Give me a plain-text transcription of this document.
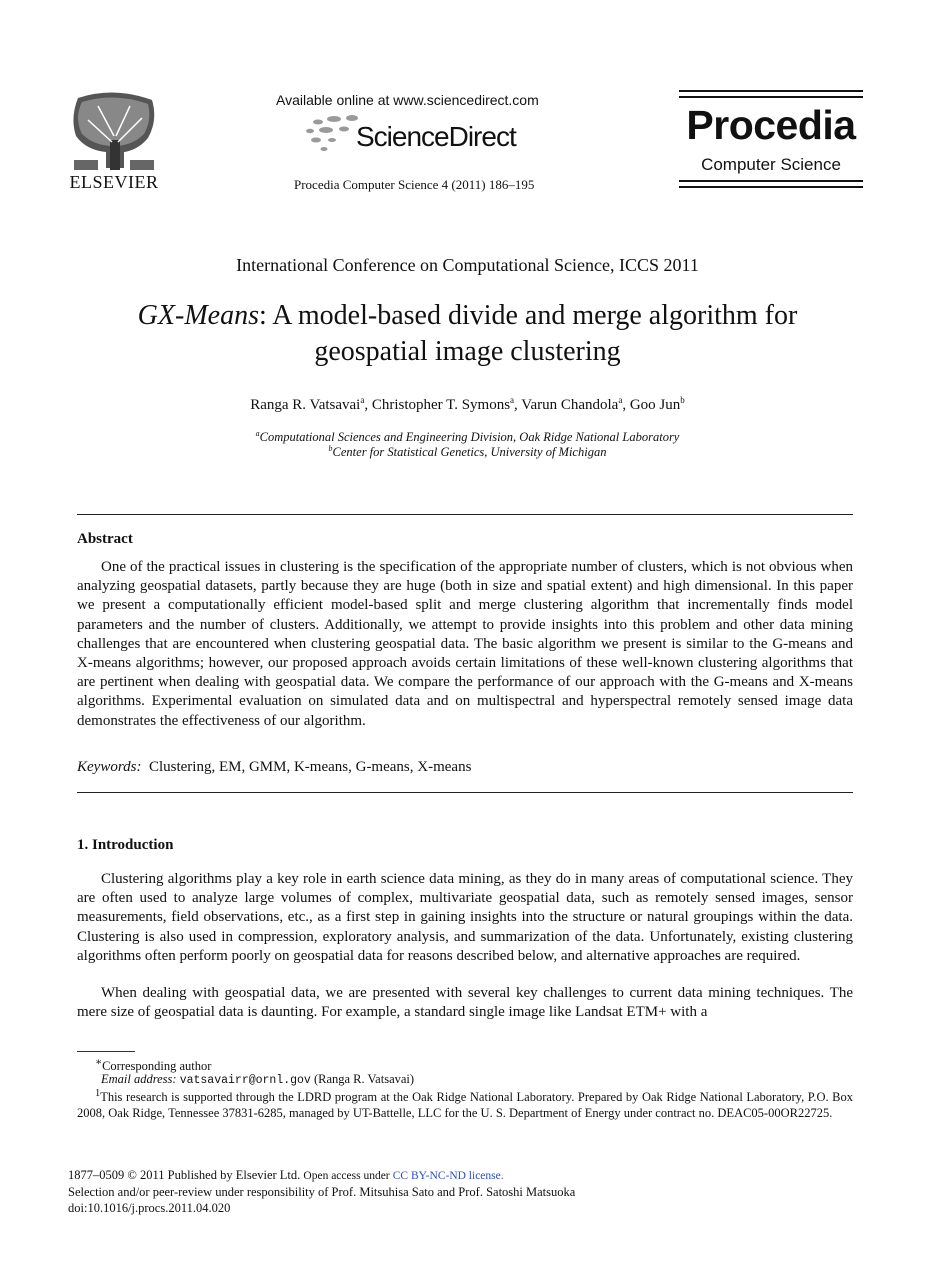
ELSEVIER
Available online at www.sciencedirect.com
ScienceDirect
Procedia Computer Science 4 (2011) 186–195
Procedia
Computer Science
International Conference on Computational Science, ICCS 2011
GX-Means: A model-based divide and merge algorithm for
geospatial image clustering
Ranga R. Vatsavai$^a$, Christopher T. Symons$^a$, Varun Chandola$^a$, Goo Jun$^b$
$^a$Computational Sciences and Engineering Division, Oak Ridge National Laboratory
$^b$Center for Statistical Genetics, University of Michigan
Abstract

One of the practical issues in clustering is the specification of the appropriate number of clusters, which is not obvious when analyzing geospatial datasets, partly because they are huge (both in size and spatial extent) and high dimensional. In this paper we present a computationally efficient model-based split and merge clustering algorithm that incrementally finds model parameters and the number of clusters. Additionally, we attempt to provide insights into this problem and other data mining challenges that are encountered when clustering geospatial data. The basic algorithm we present is similar to the G-means and X-means algorithms; however, our proposed approach avoids certain limitations of these well-known clustering algorithms that are pertinent when dealing with geospatial data. We compare the performance of our approach with the G-means and X-means algorithms. Experimental evaluation on simulated data and on multispectral and hyperspectral remotely sensed image data demonstrates the effectiveness of our algorithm.

Keywords: Clustering, EM, GMM, K-means, G-means, X-means
1. Introduction

Clustering algorithms play a key role in earth science data mining, as they do in many areas of computational science. They are often used to analyze large volumes of complex, multivariate geospatial data, such as remotely sensed images, sensor measurements, field observations, etc., as a first step in gaining insights into the structure or natural groupings within the data. Clustering is also used in compression, exploratory analysis, and summarization of the data. Unfortunately, existing clustering algorithms often perform poorly on geospatial data for reasons described below, and alternative approaches are required.

When dealing with geospatial data, we are presented with several key challenges to current data mining techniques. The mere size of geospatial data is daunting. For example, a standard single image like Landsat ETM+ with a

∗Corresponding author
Email address: vatsavairr@ornl.gov (Ranga R. Vatsavai)
$^1$This research is supported through the LDRD program at the Oak Ridge National Laboratory. Prepared by Oak Ridge National Laboratory, P.O. Box 2008, Oak Ridge, Tennessee 37831-6285, managed by UT-Battelle, LLC for the U. S. Department of Energy under contract no. DEAC05-00OR22725.
1877–0509 © 2011 Published by Elsevier Ltd. Open access under CC BY-NC-ND license.
Selection and/or peer-review under responsibility of Prof. Mitsuhisa Sato and Prof. Satoshi Matsuoka
doi:10.1016/j.procs.2011.04.020
